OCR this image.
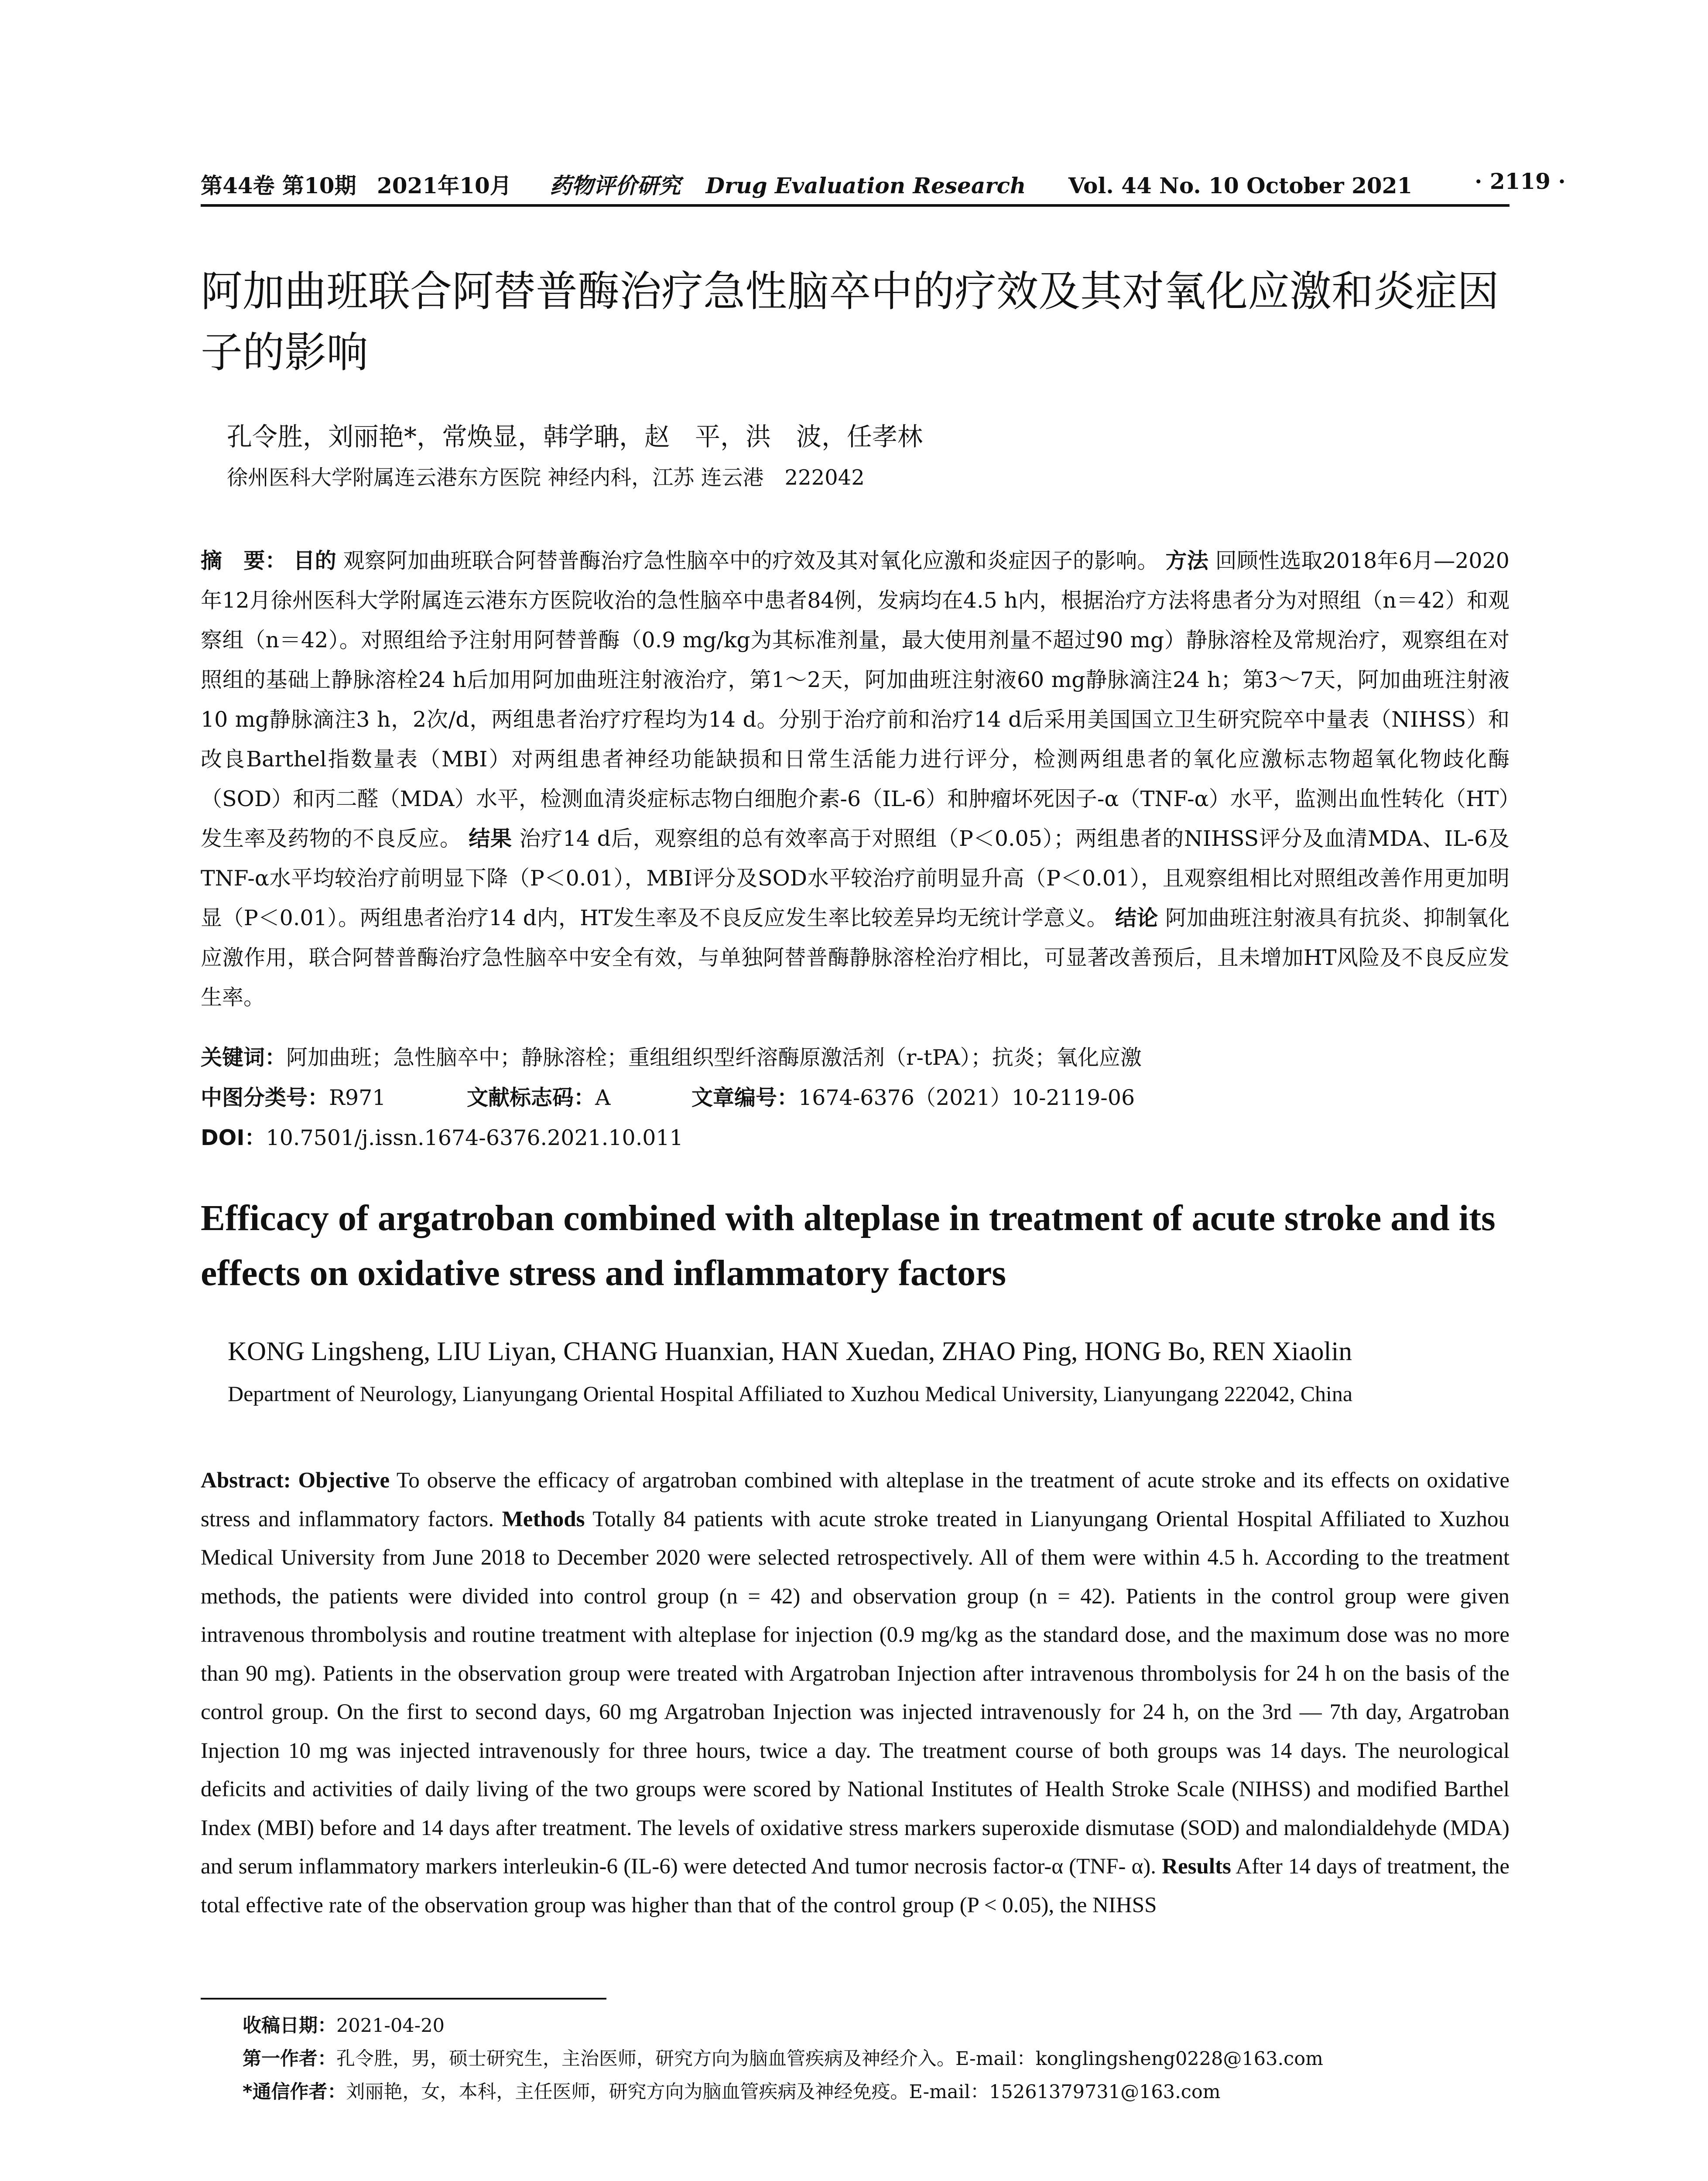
第44卷 第10期 2021年10月 药物评价研究 Drug Evaluation Research Vol. 44 No. 10 October 2021	· 2119 ·
阿加曲班联合阿替普酶治疗急性脑卒中的疗效及其对氧化应激和炎症因子的影响
孔令胜，刘丽艳*，常焕显，韩学聃，赵　平，洪　波，任孝林
徐州医科大学附属连云港东方医院 神经内科，江苏 连云港　222042
摘　要： 目的 观察阿加曲班联合阿替普酶治疗急性脑卒中的疗效及其对氧化应激和炎症因子的影响。 方法 回顾性选取2018年6月—2020年12月徐州医科大学附属连云港东方医院收治的急性脑卒中患者84例，发病均在4.5 h内，根据治疗方法将患者分为对照组（n＝42）和观察组（n＝42）。对照组给予注射用阿替普酶（0.9 mg/kg为其标准剂量，最大使用剂量不超过90 mg）静脉溶栓及常规治疗，观察组在对照组的基础上静脉溶栓24 h后加用阿加曲班注射液治疗，第1～2天，阿加曲班注射液60 mg静脉滴注24 h；第3～7天，阿加曲班注射液10 mg静脉滴注3 h，2次/d，两组患者治疗疗程均为14 d。分别于治疗前和治疗14 d后采用美国国立卫生研究院卒中量表（NIHSS）和改良Barthel指数量表（MBI）对两组患者神经功能缺损和日常生活能力进行评分，检测两组患者的氧化应激标志物超氧化物歧化酶（SOD）和丙二醛（MDA）水平，检测血清炎症标志物白细胞介素-6（IL-6）和肿瘤坏死因子-α（TNF-α）水平，监测出血性转化（HT）发生率及药物的不良反应。 结果 治疗14 d后，观察组的总有效率高于对照组（P＜0.05）；两组患者的NIHSS评分及血清MDA、IL-6及TNF-α水平均较治疗前明显下降（P＜0.01），MBI评分及SOD水平较治疗前明显升高（P＜0.01），且观察组相比对照组改善作用更加明显（P＜0.01）。两组患者治疗14 d内，HT发生率及不良反应发生率比较差异均无统计学意义。 结论 阿加曲班注射液具有抗炎、抑制氧化应激作用，联合阿替普酶治疗急性脑卒中安全有效，与单独阿替普酶静脉溶栓治疗相比，可显著改善预后，且未增加HT风险及不良反应发生率。
关键词：阿加曲班；急性脑卒中；静脉溶栓；重组组织型纤溶酶原激活剂（r-tPA）；抗炎；氧化应激
中图分类号：R971	文献标志码：A	文章编号：1674-6376（2021）10-2119-06
DOI：10.7501/j.issn.1674-6376.2021.10.011
Efficacy of argatroban combined with alteplase in treatment of acute stroke and its effects on oxidative stress and inflammatory factors
KONG Lingsheng, LIU Liyan, CHANG Huanxian, HAN Xuedan, ZHAO Ping, HONG Bo, REN Xiaolin
Department of Neurology, Lianyungang Oriental Hospital Affiliated to Xuzhou Medical University, Lianyungang 222042, China
Abstract: Objective To observe the efficacy of argatroban combined with alteplase in the treatment of acute stroke and its effects on oxidative stress and inflammatory factors. Methods Totally 84 patients with acute stroke treated in Lianyungang Oriental Hospital Affiliated to Xuzhou Medical University from June 2018 to December 2020 were selected retrospectively. All of them were within 4.5 h. According to the treatment methods, the patients were divided into control group (n = 42) and observation group (n = 42). Patients in the control group were given intravenous thrombolysis and routine treatment with alteplase for injection (0.9 mg/kg as the standard dose, and the maximum dose was no more than 90 mg). Patients in the observation group were treated with Argatroban Injection after intravenous thrombolysis for 24 h on the basis of the control group. On the first to second days, 60 mg Argatroban Injection was injected intravenously for 24 h, on the 3rd — 7th day, Argatroban Injection 10 mg was injected intravenously for three hours, twice a day. The treatment course of both groups was 14 days. The neurological deficits and activities of daily living of the two groups were scored by National Institutes of Health Stroke Scale (NIHSS) and modified Barthel Index (MBI) before and 14 days after treatment. The levels of oxidative stress markers superoxide dismutase (SOD) and malondialdehyde (MDA) and serum inflammatory markers interleukin-6 (IL-6) were detected And tumor necrosis factor-α (TNF- α). Results After 14 days of treatment, the total effective rate of the observation group was higher than that of the control group (P < 0.05), the NIHSS
收稿日期：2021-04-20
第一作者：孔令胜，男，硕士研究生，主治医师，研究方向为脑血管疾病及神经介入。E-mail：konglingsheng0228@163.com
*通信作者：刘丽艳，女，本科，主任医师，研究方向为脑血管疾病及神经免疫。E-mail：15261379731@163.com
